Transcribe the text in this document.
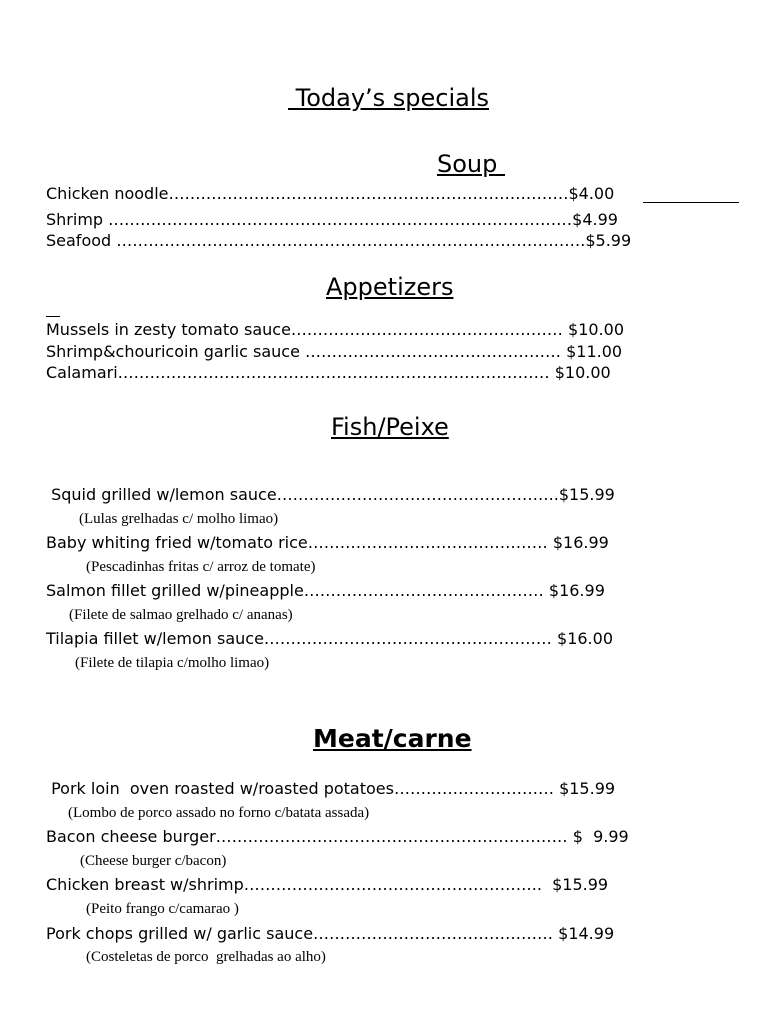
Today’s specials
Soup
Chicken noodle…………………………………………………………………$4.00
Shrimp ……………………………………………………………………………$4.99
Seafood …………………………………………………………………………….$5.99
Appetizers
Mussels in zesty tomato sauce…………………………………………… $10.00
Shrimp&chouricoin garlic sauce ………………………………………… $11.00
Calamari……………………………………………………………………… $10.00
Fish/Peixe
Squid grilled w/lemon sauce……………………………………………..$15.99
(Lulas grelhadas c/ molho limao)
Baby whiting fried w/tomato rice……………………………………… $16.99
(Pescadinhas fritas c/ arroz de tomate)
Salmon fillet grilled w/pineapple……………………………………… $16.99
(Filete de salmao grelhado c/ ananas)
Tilapia fillet w/lemon sauce……………………………………………… $16.00
(Filete de tilapia c/molho limao)
Meat/carne
Pork loin  oven roasted w/roasted potatoes………………………… $15.99
(Lombo de porco assado no forno c/batata assada)
Bacon cheese burger………………………………………………………… $  9.99
(Cheese burger c/bacon)
Chicken breast w/shrimp………………………………………………..  $15.99
(Peito frango c/camarao )
Pork chops grilled w/ garlic sauce……………………………………… $14.99
(Costeletas de porco  grelhadas ao alho)
